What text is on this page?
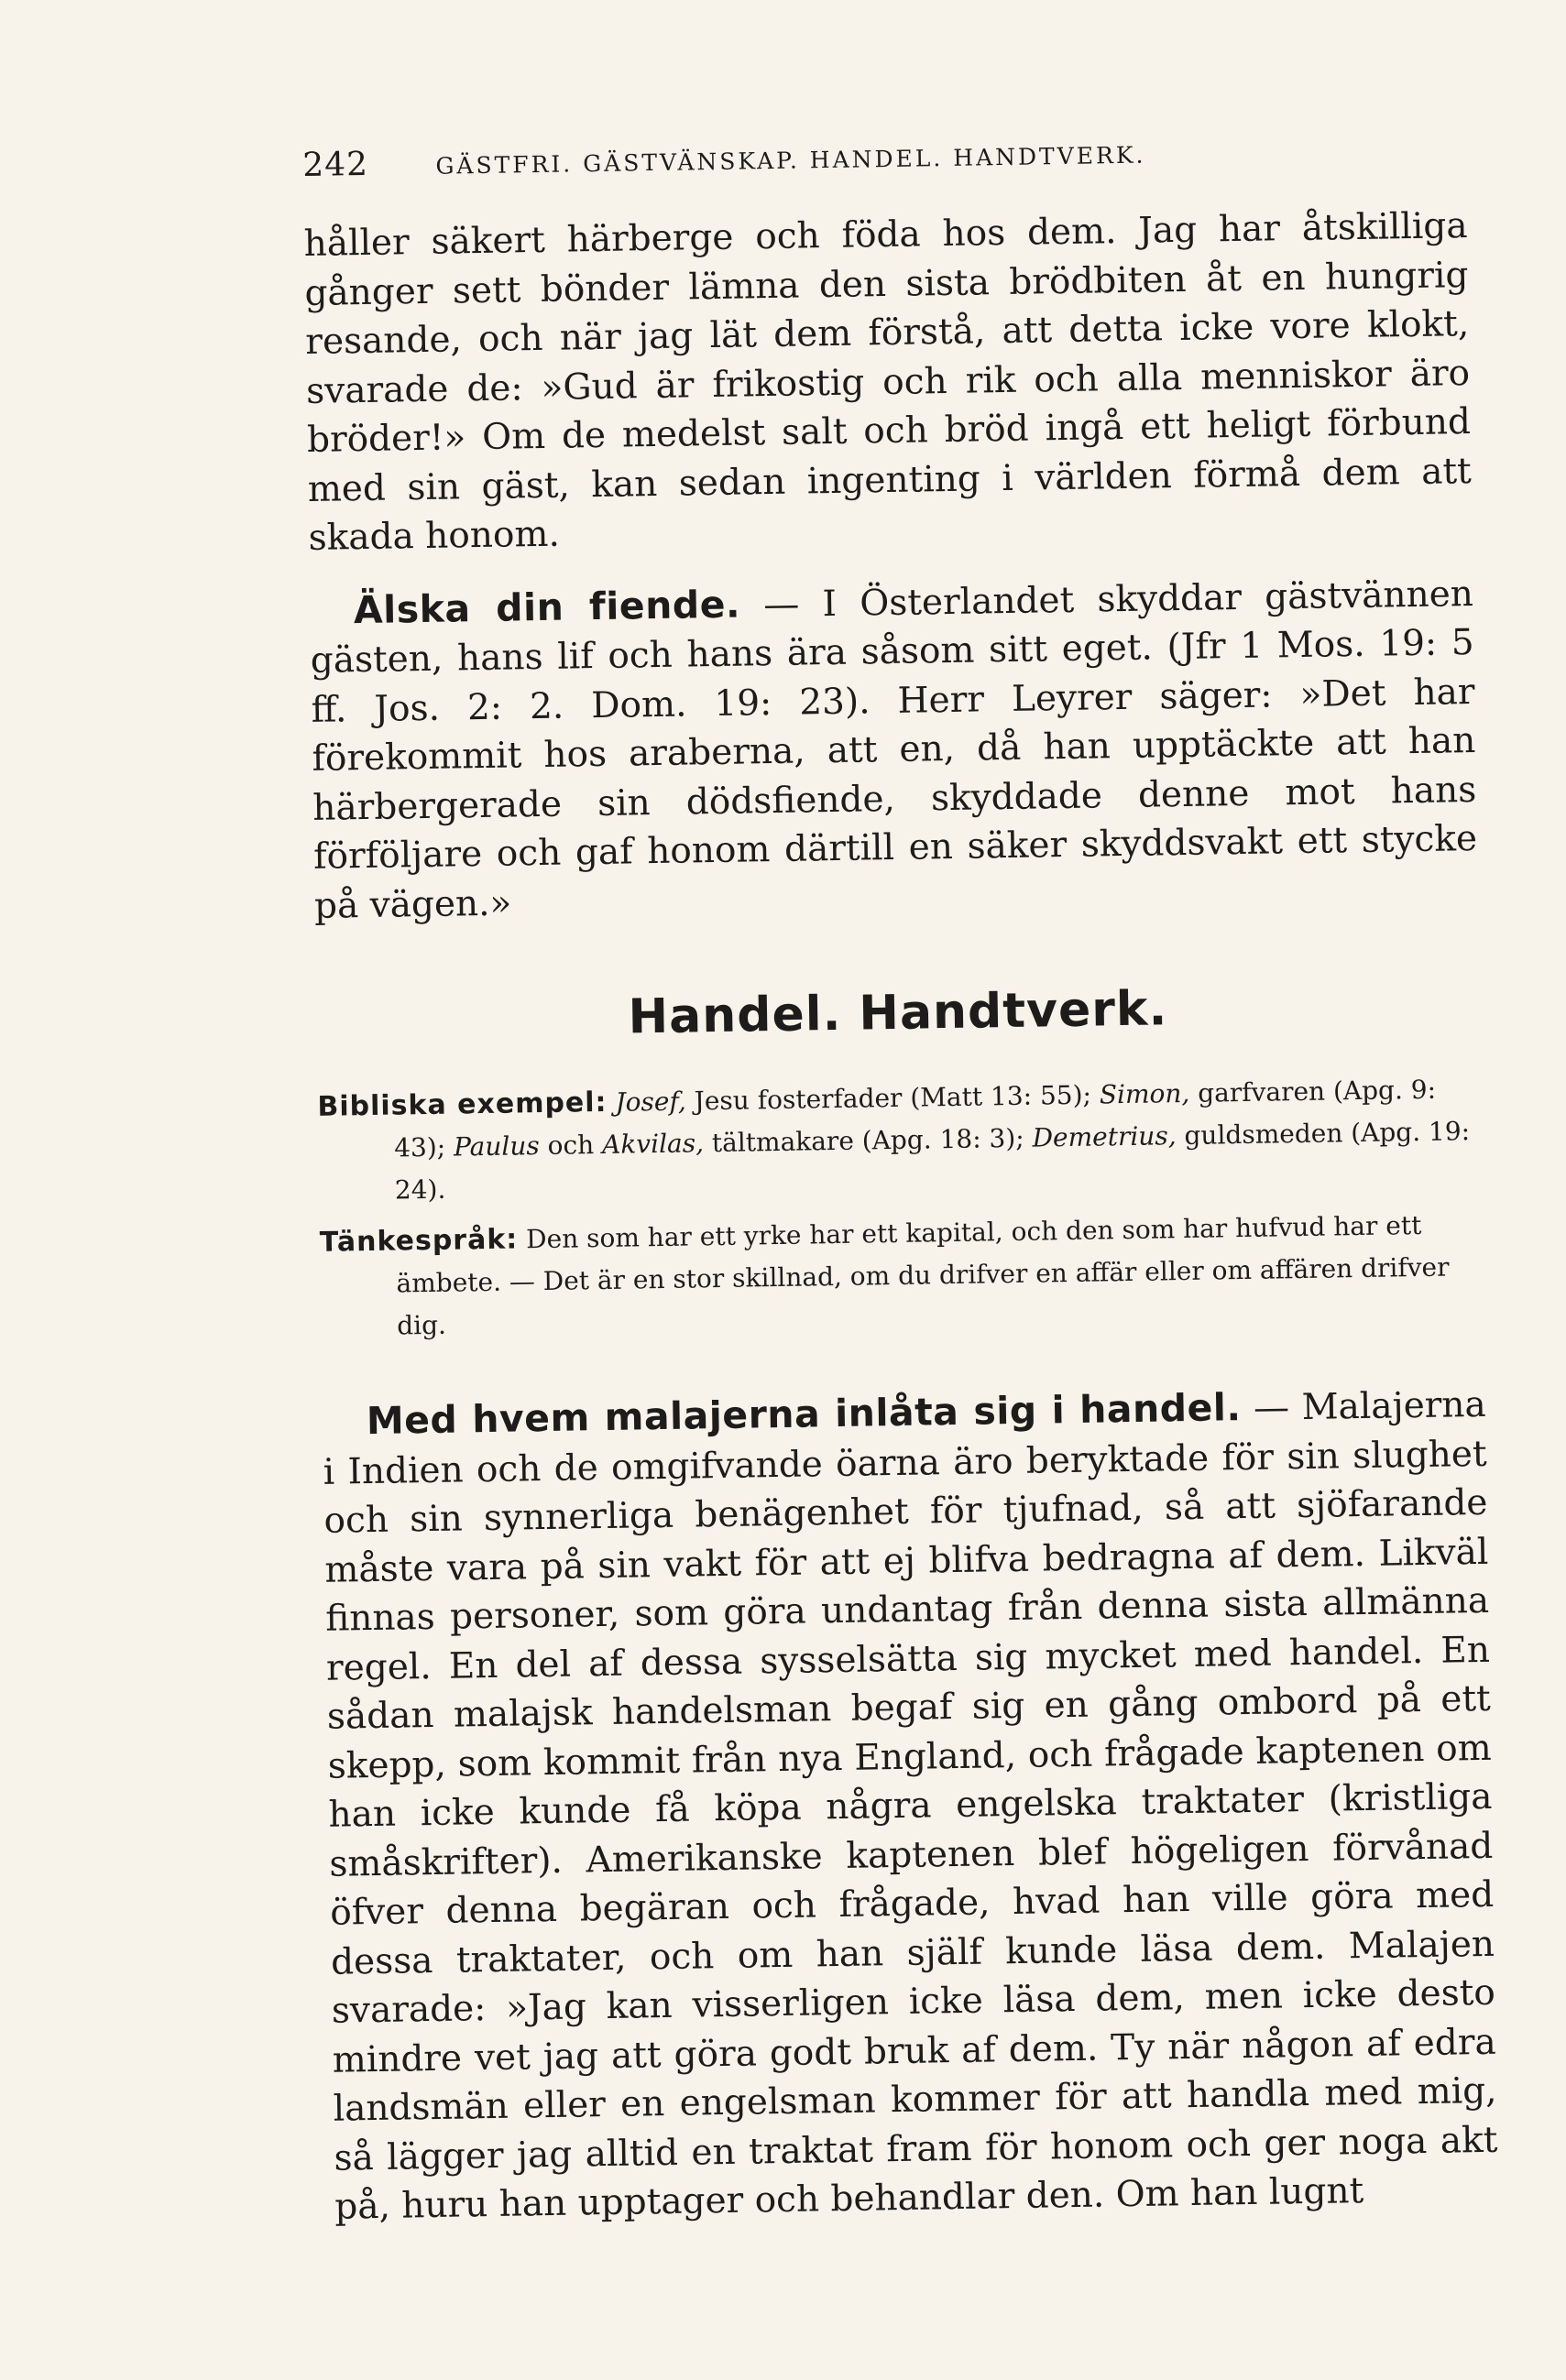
242	GÄSTFRI. GÄSTVÄNSKAP. HANDEL. HANDTVERK.

håller säkert härberge och föda hos dem. Jag har åtskilliga gånger sett bönder lämna den sista brödbiten åt en hungrig resande, och när jag lät dem förstå, att detta icke vore klokt, svarade de: »Gud är frikostig och rik och alla menniskor äro bröder!» Om de medelst salt och bröd ingå ett heligt förbund med sin gäst, kan sedan ingenting i världen förmå dem att skada honom.

Älska din fiende. — I Österlandet skyddar gästvännen gästen, hans lif och hans ära såsom sitt eget. (Jfr 1 Mos. 19: 5 ff. Jos. 2: 2. Dom. 19: 23). Herr Leyrer säger: »Det har förekommit hos araberna, att en, då han upptäckte att han härbergerade sin dödsfiende, skyddade denne mot hans förföljare och gaf honom därtill en säker skyddsvakt ett stycke på vägen.»

Handel. Handtverk.

Bibliska exempel: Josef, Jesu fosterfader (Matt 13: 55); Simon, garfvaren (Apg. 9: 43); Paulus och Akvilas, tältmakare (Apg. 18: 3); Demetrius, guldsmeden (Apg. 19: 24).

Tänkespråk: Den som har ett yrke har ett kapital, och den som har hufvud har ett ämbete. — Det är en stor skillnad, om du drifver en affär eller om affären drifver dig.

Med hvem malajerna inlåta sig i handel. — Malajerna i Indien och de omgifvande öarna äro beryktade för sin slughet och sin synnerliga benägenhet för tjufnad, så att sjöfarande måste vara på sin vakt för att ej blifva bedragna af dem. Likväl finnas personer, som göra undantag från denna sista allmänna regel. En del af dessa sysselsätta sig mycket med handel. En sådan malajsk handelsman begaf sig en gång ombord på ett skepp, som kommit från nya England, och frågade kaptenen om han icke kunde få köpa några engelska traktater (kristliga småskrifter). Amerikanske kaptenen blef högeligen förvånad öfver denna begäran och frågade, hvad han ville göra med dessa traktater, och om han själf kunde läsa dem. Malajen svarade: »Jag kan visserligen icke läsa dem, men icke desto mindre vet jag att göra godt bruk af dem. Ty när någon af edra landsmän eller en engelsman kommer för att handla med mig, så lägger jag alltid en traktat fram för honom och ger noga akt på, huru han upptager och behandlar den. Om han lugnt
